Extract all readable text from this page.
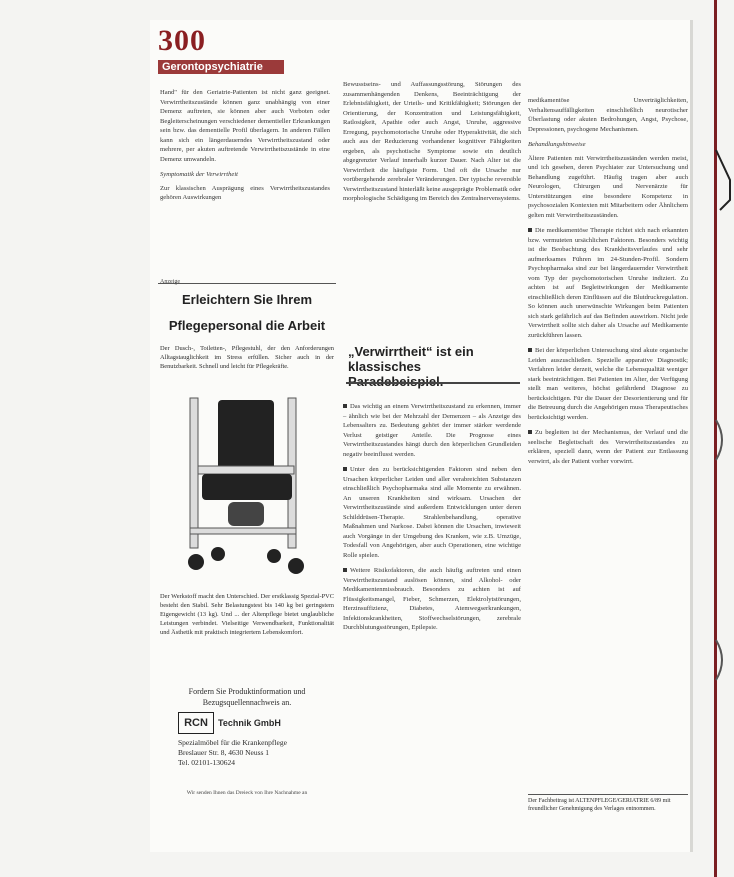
300
Gerontopsychiatrie

Hand" für den Geriatrie-Patienten ist nicht ganz geeignet. Verwirrtheitszustände können ganz unabhängig von einer Demenz auftreten, sie können aber auch Vorboten oder Begleiterscheinungen verschiedener dementieller Erkrankungen sein bzw. das dementielle Profil überlagern. In anderen Fällen kann sich ein längerdauerndes Verwirrtheitszustand oder mehrere, per akuten auftretende Verwirrtheitszustände in eine Demenz umwandeln.

Symptomatik der Verwirrtheit

Zur klassischen Ausprägung eines Verwirrtheitszustandes gehören Auswirkungen

Anzeige
Erleichtern Sie Ihrem
Pflegepersonal die Arbeit
Der Dusch-, Toiletten-, Pflegestuhl, der den Anforderungen Alltagstauglichkeit im Stress erfüllen. Sicher auch in der Benutzbarkeit. Schnell und leicht für Pflegekräfte.
Der Werkstoff macht den Unterschied. Der erstklassig Spezial-PVC besteht den Stabil. Sehr Belastungstest bis 140 kg bei geringstem Eigengewicht (13 kg). Und ... der Altenpflege bietet unglaubliche Leistungen verbindet. Vielseitige Verwendbarkeit, Funktionalität und Ästhetik mit praktisch integriertem Lebenskomfort.
Fordern Sie Produktinformation und Bezugsquellennachweis an.
RCN	Technik GmbH
Spezialmöbel für die Krankenpflege
Breslauer Str. 8, 4630 Neuss 1
Tel. 02101-130624
Wir senden Ihnen das Dreieck von Ihre Nachnahme an

Bewusstseins- und Auffassungsstörung, Störungen des zusammenhängenden Denkens, Beeinträchtigung der Erlebnisfähigkeit, der Urteils- und Kritikfähigkeit; Störungen der Orientierung, der Konzentration und Leistungsfähigkeit, Ratlosigkeit, Apathie oder auch Angst, Unruhe, aggressive Erregung, psychomotorische Unruhe oder Hyperaktivität, die sich auch aus der Reduzierung vorhandener kognitiver Fähigkeiten ergeben, als psychotische Symptome sowie ein deutlich abgegrenzter Verlauf innerhalb kurzer Dauer. Nach Alter ist die Verwirrtheit die häufigste Form. Und oft die Ursache nur vorübergehende zerebraler Veränderungen. Der typische reversible Verwirrtheitszustand hinterläßt keine ausgeprägte Problematik oder morphologische Schädigung im Bereich des Zentralnervensystems.

„Verwirrtheit“ ist ein klassisches Paradebeispiel.

Das wichtig an einem Verwirrtheitszustand zu erkennen, immer – ähnlich wie bei der Mehrzahl der Demenzen – als Anzeige des Lebensalters zu. Bedeutung gehört der immer stärker werdende Verlust geistiger Anteile. Die Prognose eines Verwirrtheitszustandes hängt durch den körperlichen Grundleiden negativ beeinflusst werden.

Unter den zu berücksichtigenden Faktoren sind neben den Ursachen körperlicher Leiden und aller verabreichten Substanzen einschließlich Psychopharmaka sind alle Momente zu erwähnen. An unseren Krankheiten sind wirksam. Ursachen der Verwirrtheitszustände sind außerdem Entwicklungen unter deren Schilddrüsen-Therapie. Strahlenbehandlung, operative Maßnahmen und Narkose. Dabei können die Ursachen, inwieweit auch Vorgänge in der Umgebung des Kranken, wie z.B. Umzüge, Todesfall von Angehörigen, aber auch Operationen, eine wichtige Rolle spielen.

Weitere Risikofaktoren, die auch häufig auftreten und einen Verwirrtheitszustand auslösen können, sind Alkohol- oder Medikamentenmissbrauch. Besonders zu achten ist auf Flüssigkeitsmangel, Fieber, Schmerzen, Elektrolytstörungen, Herzinsuffizienz, Diabetes, Atemwegserkrankungen, Infektionskrankheiten, Stoffwechselstörungen, zerebrale Durchblutungsstörungen, Epilepsie.

medikamentöse Unverträglichkeiten, Verhaltensauffälligkeiten einschließlich neurotischer Überlastung oder akuten Bedrohungen, Angst, Psychose, Depressionen, psychogene Mechanismen.

Behandlungshinweise

Ältere Patienten mit Verwirrtheitszuständen werden meist, und ich gesehen, deren Psychiater zur Untersuchung und Behandlung zugeführt. Häufig tragen aber auch Neurologen, Chirurgen und Nervenärzte für Unterstützungen eine besondere Kompetenz in psychosozialen Kontexten mit Mitarbeitern oder Ähnlichem gelten mit Verwirrtheitszuständen.

Die medikamentöse Therapie richtet sich nach erkannten bzw. vermuteten ursächlichen Faktoren. Besonders wichtig ist die Beobachtung des Krankheitsverlaufes und sehr aufmerksames Führen im 24-Stunden-Profil. Sondern Psychopharmaka sind zur bei längerdauernder Verwirrtheit vom Typ der psychomotorischen Unruhe indiziert. Zu achten ist auf Begleitwirkungen der Medikamente einschließlich deren Einflüssen auf die Blutdruckregulation. So können auch unerwünschte Wirkungen beim Patienten sich stark gefährlich auf das Befinden auswirken. Nicht jede Verwirrtheit sollte sich daher als Ursache auf Medikamente zurückführen lassen.

Bei der körperlichen Untersuchung sind akute organische Leiden auszuschließen. Spezielle apparative Diagnostik; Verfahren leider derzeit, welche die Lebensqualität weniger stark beeinträchtigen. Bei Patienten im Alter, der Verfügung stellt man weiteres, höchst gefährdend Diagnose zu berücksichtigen. Für die Dauer der Desorientierung und für die Betreuung durch die Angehörigen muss Therapeutisches berücksichtigt werden.

Zu begleiten ist der Mechanismus, der Verlauf und die seelische Begleitschaft des Verwirrtheitszustandes zu erklären, speziell dann, wenn der Patient zur Entlassung verwirrt, als der Patient vorher vorwirrt.

Der Fachbeitrag ist ALTENPFLEGE/GERIATRIE 6/89 mit freundlicher Genehmigung des Verlages entnommen.
